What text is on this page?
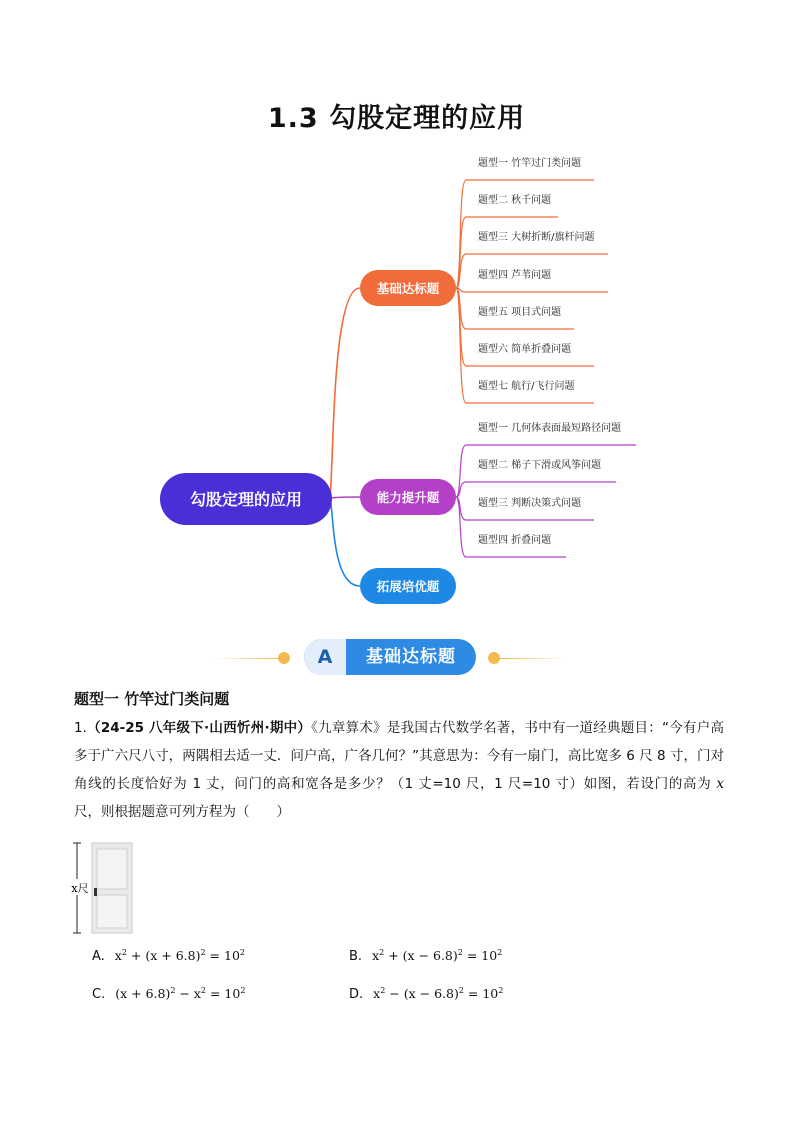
1.3 勾股定理的应用
勾股定理的应用
题型一 竹竿过门类问题
题型二 秋千问题
题型三 大树折断/旗杆问题
题型四 芦苇问题
题型五 项目式问题
题型六 简单折叠问题
题型七 航行/飞行问题
基础达标题
题型一 几何体表面最短路径问题
题型二 梯子下滑或风筝问题
题型三 判断决策式问题
题型四 折叠问题
能力提升题
拓展培优题
A	基础达标题
题型一 竹竿过门类问题

1.（24-25 八年级下·山西忻州·期中）《九章算术》是我国古代数学名著，书中有一道经典题目：“今有户高多于广六尺八寸，两隅相去适一丈．问户高，广各几何？”其意思为：今有一扇门，高比宽多 6 尺 8 寸，门对角线的长度恰好为 1 丈，问门的高和宽各是多少？（1 丈=10 尺，1 尺=10 寸）如图，若设门的高为 x 尺，则根据题意可列方程为（　　）

x尺
A. $x^2 + (x + 6.8)^2 = 10^2$	B. $x^2 + (x - 6.8)^2 = 10^2$
C. $(x + 6.8)^2 - x^2 = 10^2$	D. $x^2 - (x - 6.8)^2 = 10^2$
